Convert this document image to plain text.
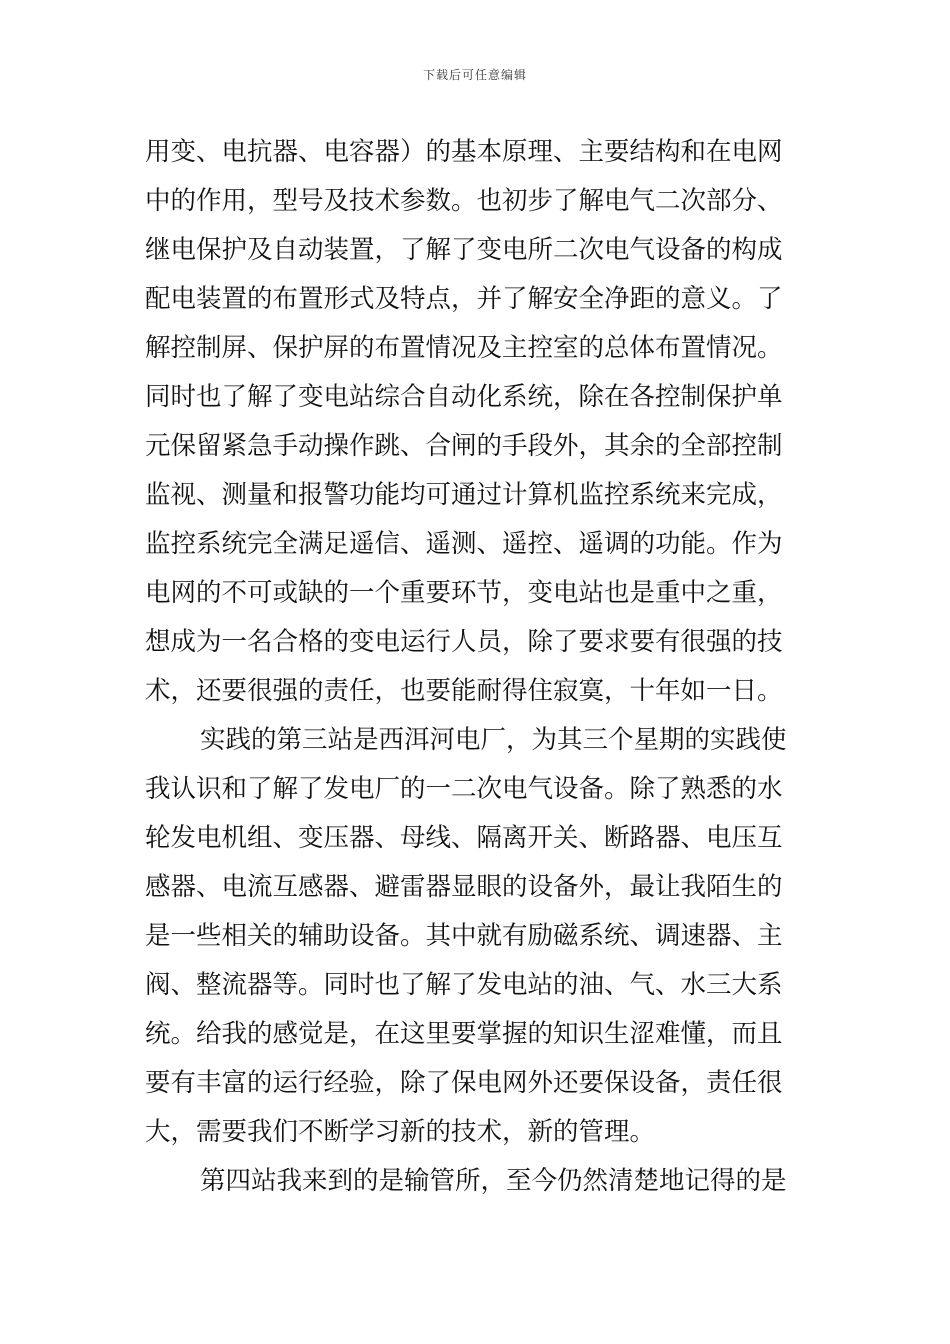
下载后可任意编辑
用变、电抗器、电容器）的基本原理、主要结构和在电网
中的作用，型号及技术参数。也初步了解电气二次部分、
继电保护及自动装置，了解了变电所二次电气设备的构成
配电装置的布置形式及特点，并了解安全净距的意义。了
解控制屏、保护屏的布置情况及主控室的总体布置情况。
同时也了解了变电站综合自动化系统，除在各控制保护单
元保留紧急手动操作跳、合闸的手段外，其余的全部控制
监视、测量和报警功能均可通过计算机监控系统来完成，
监控系统完全满足遥信、遥测、遥控、遥调的功能。作为
电网的不可或缺的一个重要环节，变电站也是重中之重，
想成为一名合格的变电运行人员，除了要求要有很强的技
术，还要很强的责任，也要能耐得住寂寞，十年如一日。
实践的第三站是西洱河电厂，为其三个星期的实践使
我认识和了解了发电厂的一二次电气设备。除了熟悉的水
轮发电机组、变压器、母线、隔离开关、断路器、电压互
感器、电流互感器、避雷器显眼的设备外，最让我陌生的
是一些相关的辅助设备。其中就有励磁系统、调速器、主
阀、整流器等。同时也了解了发电站的油、气、水三大系
统。给我的感觉是，在这里要掌握的知识生涩难懂，而且
要有丰富的运行经验，除了保电网外还要保设备，责任很
大，需要我们不断学习新的技术，新的管理。
第四站我来到的是输管所，至今仍然清楚地记得的是
